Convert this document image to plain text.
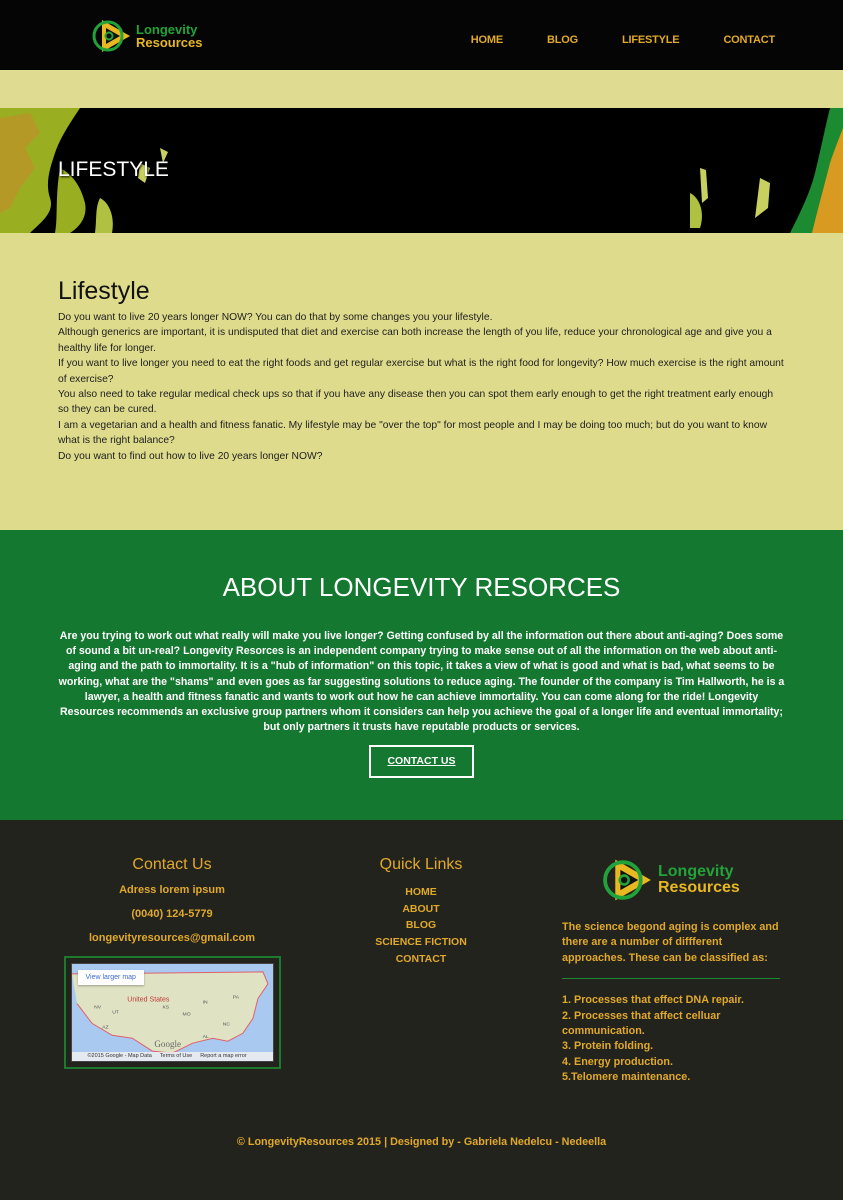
Longevity
Resources	HOME	BLOG	LIFESTYLE	CONTACT
LIFESTYLE
Lifestyle

Do you want to live 20 years longer NOW? You can do that by some changes you your lifestyle.

Although generics are important, it is undisputed that diet and exercise can both increase the length of you life, reduce your chronological age and give you a healthy life for longer.

If you want to live longer you need to eat the right foods and get regular exercise but what is the right food for longevity? How much exercise is the right amount of exercise?

You also need to take regular medical check ups so that if you have any disease then you can spot them early enough to get the right treatment early enough so they can be cured.

I am a vegetarian and a health and fitness fanatic. My lifestyle may be "over the top" for most people and I may be doing too much; but do you want to know what is the right balance?

Do you want to find out how to live 20 years longer NOW?

ABOUT LONGEVITY RESORCES

Are you trying to work out what really will make you live longer? Getting confused by all the information out there about anti-aging? Does some of sound a bit un-real? Longevity Resorces is an independent company trying to make sense out of all the information on the web about anti-aging and the path to immortality. It is a "hub of information" on this topic, it takes a view of what is good and what is bad, what seems to be working, what are the "shams" and even goes as far suggesting solutions to reduce aging. The founder of the company is Tim Hallworth, he is a lawyer, a health and fitness fanatic and wants to work out how he can achieve immortality. You can come along for the ride! Longevity Resources recommends an exclusive group partners whom it considers can help you achieve the goal of a longer life and eventual immortality; but only partners it trusts have reputable products or services.

CONTACT US
Contact Us
Adress lorem ipsum
(0040) 124-5779
longevityresources@gmail.com
United States
Google
NV
UT
AZ
KS
MO
IN
PA
NC
AL
View larger map
©2015 Google - Map Data Terms of Use Report a map error
Quick Links
HOME
ABOUT
BLOG
SCIENCE FICTION
CONTACT
Longevity
Resources

The science begond aging is complex and there are a number of diffferent approaches. These can be classified as:

1. Processes that effect DNA repair.

2. Processes that affect celluar communication.

3. Protein folding.

4. Energy production.

5.Telomere maintenance.

© LongevityResources 2015 | Designed by - Gabriela Nedelcu - Nedeella
